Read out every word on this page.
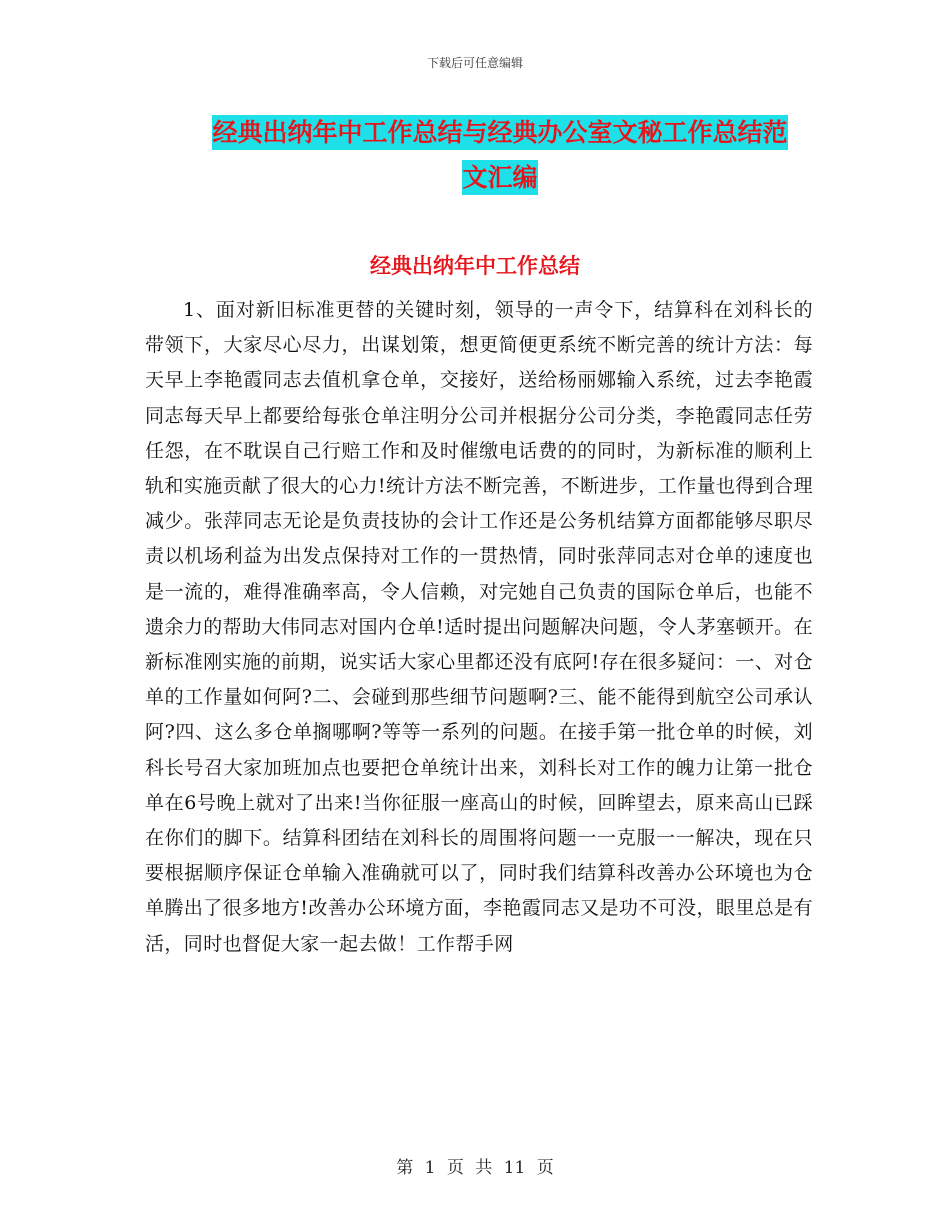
下载后可任意编辑
经典出纳年中工作总结与经典办公室文秘工作总结范
文汇编
经典出纳年中工作总结

1、面对新旧标准更替的关键时刻，领导的一声令下，结算科在刘科长的带领下，大家尽心尽力，出谋划策，想更简便更系统不断完善的统计方法：每天早上李艳霞同志去值机拿仓单，交接好，送给杨丽娜输入系统，过去李艳霞同志每天早上都要给每张仓单注明分公司并根据分公司分类，李艳霞同志任劳任怨，在不耽误自己行赔工作和及时催缴电话费的的同时，为新标准的顺利上轨和实施贡献了很大的心力!统计方法不断完善，不断进步，工作量也得到合理减少。张萍同志无论是负责技协的会计工作还是公务机结算方面都能够尽职尽责以机场利益为出发点保持对工作的一贯热情，同时张萍同志对仓单的速度也是一流的，难得准确率高，令人信赖，对完她自己负责的国际仓单后，也能不遗余力的帮助大伟同志对国内仓单!适时提出问题解决问题，令人茅塞顿开。在新标准刚实施的前期，说实话大家心里都还没有底阿!存在很多疑问：一、对仓单的工作量如何阿?二、会碰到那些细节问题啊?三、能不能得到航空公司承认阿?四、这么多仓单搁哪啊?等等一系列的问题。在接手第一批仓单的时候，刘科长号召大家加班加点也要把仓单统计出来，刘科长对工作的魄力让第一批仓单在6号晚上就对了出来!当你征服一座高山的时候，回眸望去，原来高山已踩在你们的脚下。结算科团结在刘科长的周围将问题一一克服一一解决，现在只要根据顺序保证仓单输入准确就可以了，同时我们结算科改善办公环境也为仓单腾出了很多地方!改善办公环境方面，李艳霞同志又是功不可没，眼里总是有活，同时也督促大家一起去做！工作帮手网

第 1 页 共 11 页
